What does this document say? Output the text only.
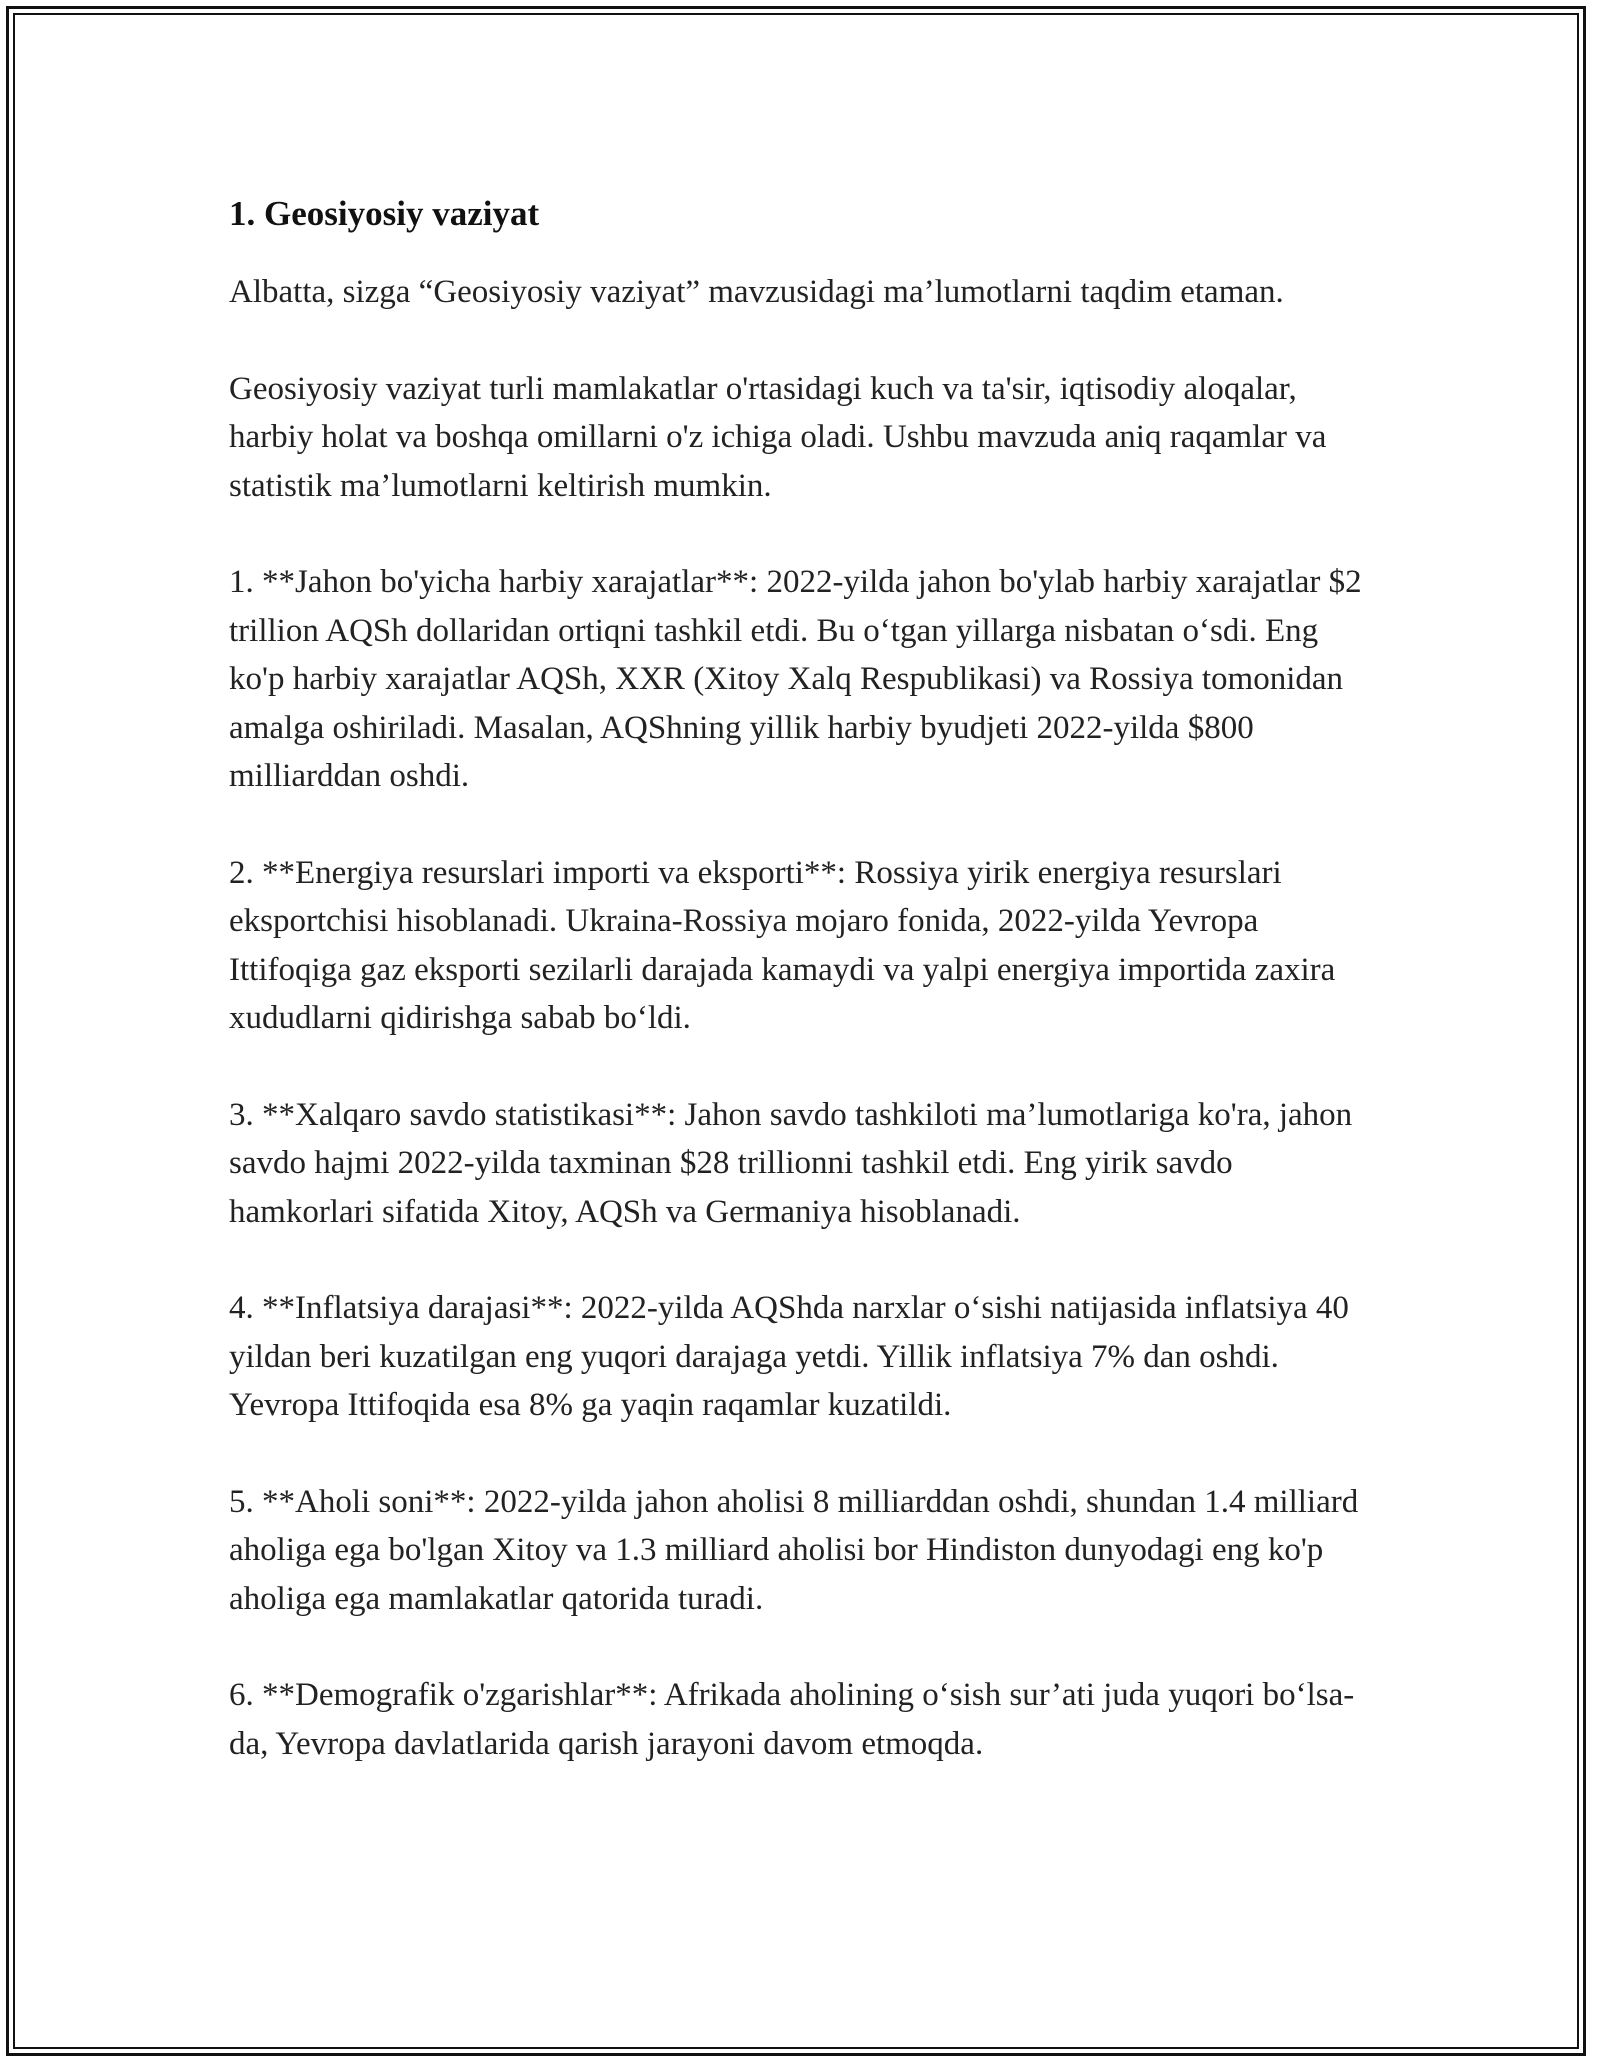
1. Geosiyosiy vaziyat

Albatta, sizga “Geosiyosiy vaziyat” mavzusidagi ma’lumotlarni taqdim etaman.

Geosiyosiy vaziyat turli mamlakatlar o'rtasidagi kuch va ta'sir, iqtisodiy aloqalar, harbiy holat va boshqa omillarni o'z ichiga oladi. Ushbu mavzuda aniq raqamlar va statistik ma’lumotlarni keltirish mumkin.

1. **Jahon bo'yicha harbiy xarajatlar**: 2022-yilda jahon bo'ylab harbiy xarajatlar $2 trillion AQSh dollaridan ortiqni tashkil etdi. Bu o‘tgan yillarga nisbatan o‘sdi. Eng ko'p harbiy xarajatlar AQSh, XXR (Xitoy Xalq Respublikasi) va Rossiya tomonidan amalga oshiriladi. Masalan, AQShning yillik harbiy byudjeti 2022-yilda $800 milliarddan oshdi.

2. **Energiya resurslari importi va eksporti**: Rossiya yirik energiya resurslari eksportchisi hisoblanadi. Ukraina-Rossiya mojaro fonida, 2022-yilda Yevropa Ittifoqiga gaz eksporti sezilarli darajada kamaydi va yalpi energiya importida zaxira xududlarni qidirishga sabab bo‘ldi.

3. **Xalqaro savdo statistikasi**: Jahon savdo tashkiloti ma’lumotlariga ko'ra, jahon savdo hajmi 2022-yilda taxminan $28 trillionni tashkil etdi. Eng yirik savdo hamkorlari sifatida Xitoy, AQSh va Germaniya hisoblanadi.

4. **Inflatsiya darajasi**: 2022-yilda AQShda narxlar o‘sishi natijasida inflatsiya 40 yildan beri kuzatilgan eng yuqori darajaga yetdi. Yillik inflatsiya 7% dan oshdi. Yevropa Ittifoqida esa 8% ga yaqin raqamlar kuzatildi.

5. **Aholi soni**: 2022-yilda jahon aholisi 8 milliarddan oshdi, shundan 1.4 milliard aholiga ega bo'lgan Xitoy va 1.3 milliard aholisi bor Hindiston dunyodagi eng ko'p aholiga ega mamlakatlar qatorida turadi.

6. **Demografik o'zgarishlar**: Afrikada aholining o‘sish sur’ati juda yuqori bo‘lsa-da, Yevropa davlatlarida qarish jarayoni davom etmoqda.
